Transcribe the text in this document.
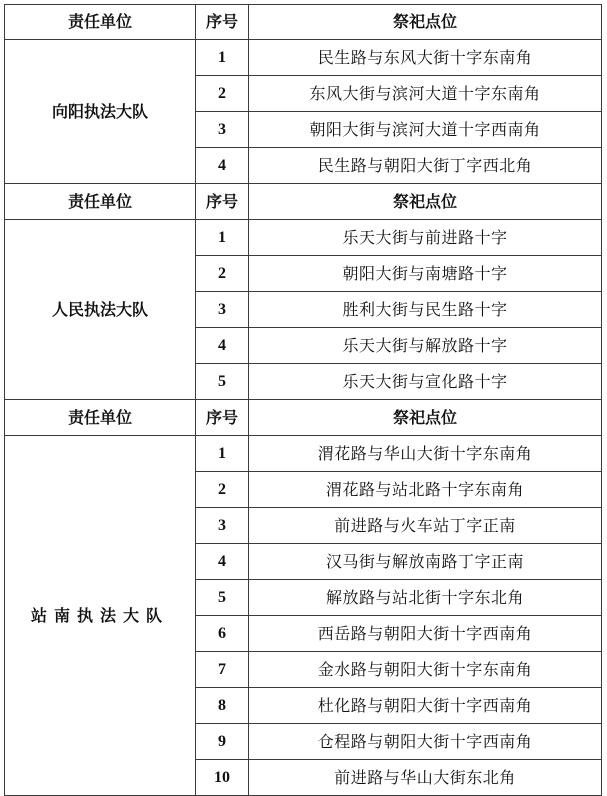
责任单位	序号	祭祀点位
向阳执法大队	1	民生路与东风大街十字东南角
	2	东风大街与滨河大道十字东南角
	3	朝阳大街与滨河大道十字西南角
	4	民生路与朝阳大街丁字西北角
责任单位	序号	祭祀点位
人民执法大队	1	乐天大街与前进路十字
	2	朝阳大街与南塘路十字
	3	胜利大街与民生路十字
	4	乐天大街与解放路十字
	5	乐天大街与宣化路十字
责任单位	序号	祭祀点位
站南执法大队	1	渭花路与华山大街十字东南角
	2	渭花路与站北路十字东南角
	3	前进路与火车站丁字正南
	4	汉马街与解放南路丁字正南
	5	解放路与站北街十字东北角
	6	西岳路与朝阳大街十字西南角
	7	金水路与朝阳大街十字东南角
	8	杜化路与朝阳大街十字西南角
	9	仓程路与朝阳大街十字西南角
	10	前进路与华山大街东北角
